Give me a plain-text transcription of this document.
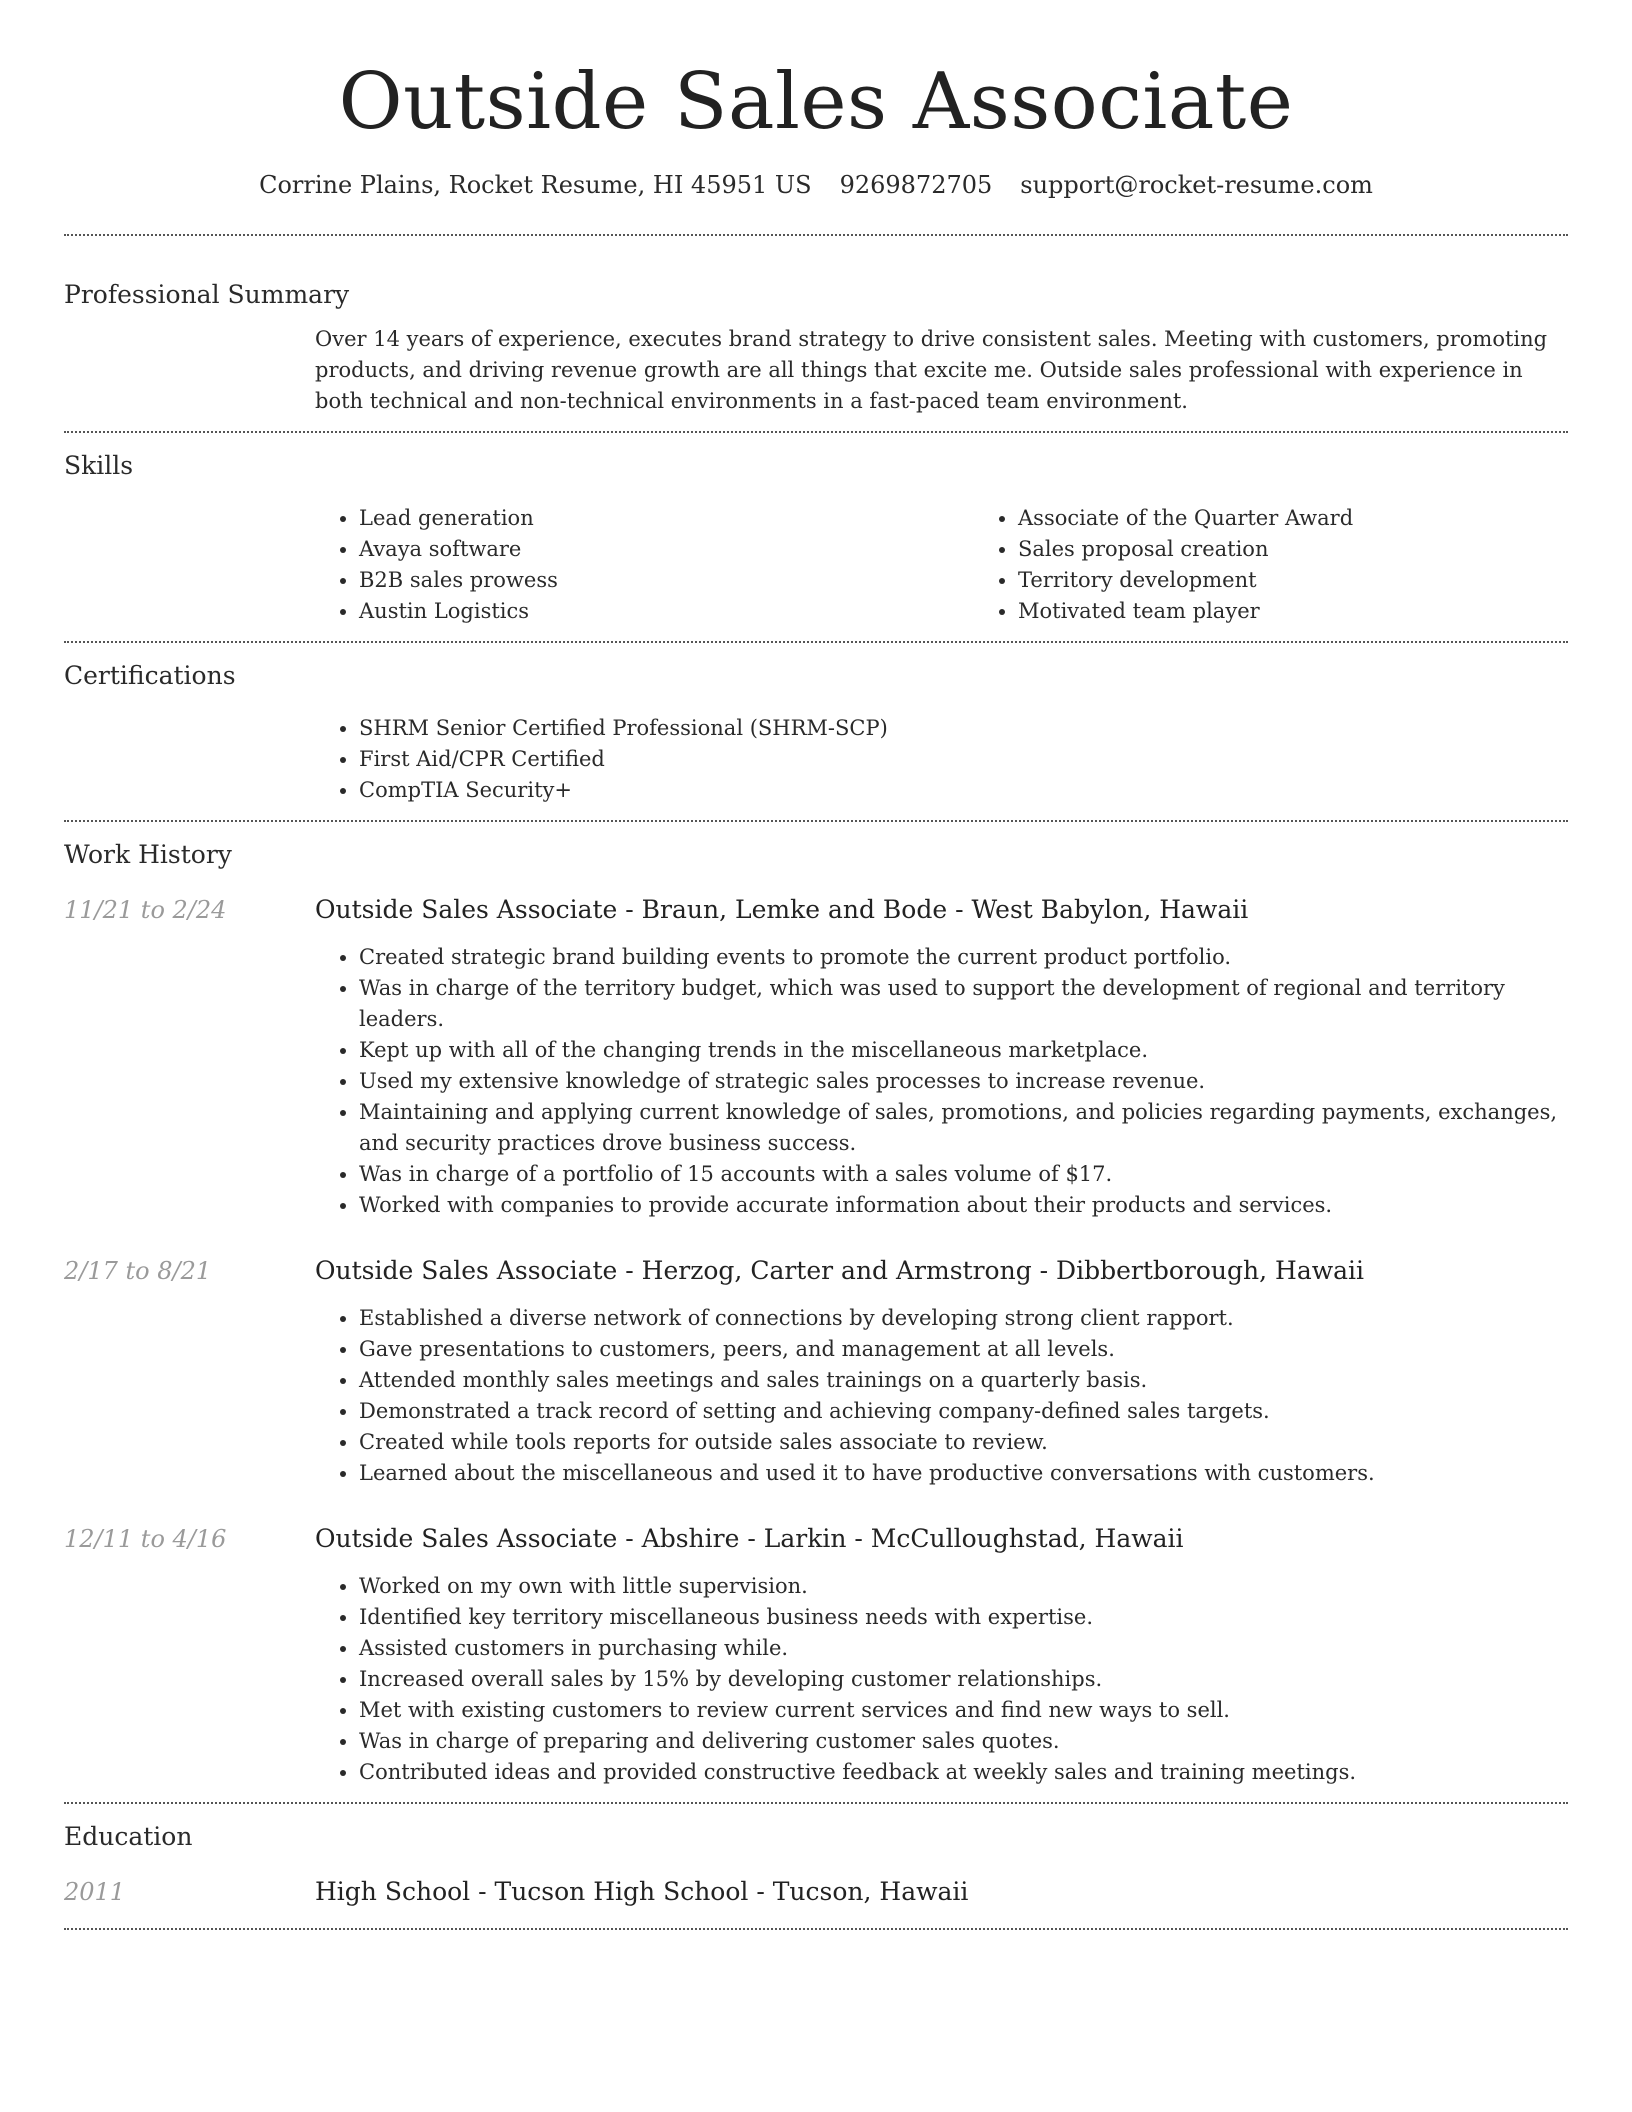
Outside Sales Associate
Corrine Plains, Rocket Resume, HI 45951 US 9269872705 support@rocket-resume.com
Professional Summary

Over 14 years of experience, executes brand strategy to drive consistent sales. Meeting with customers, promoting products, and driving revenue growth are all things that excite me. Outside sales professional with experience in both technical and non-technical environments in a fast-paced team environment.

Skills
• Lead generation
• Avaya software
• B2B sales prowess
• Austin Logistics
• Associate of the Quarter Award
• Sales proposal creation
• Territory development
• Motivated team player
Certifications
• SHRM Senior Certified Professional (SHRM-SCP)
• First Aid/CPR Certified
• CompTIA Security+
Work History
11/21 to 2/24	Outside Sales Associate - Braun, Lemke and Bode - West Babylon, Hawaii
• Created strategic brand building events to promote the current product portfolio.
• Was in charge of the territory budget, which was used to support the development of regional and territory leaders.
• Kept up with all of the changing trends in the miscellaneous marketplace.
• Used my extensive knowledge of strategic sales processes to increase revenue.
• Maintaining and applying current knowledge of sales, promotions, and policies regarding payments, exchanges, and security practices drove business success.
• Was in charge of a portfolio of 15 accounts with a sales volume of $17.
• Worked with companies to provide accurate information about their products and services.
2/17 to 8/21	Outside Sales Associate - Herzog, Carter and Armstrong - Dibbertborough, Hawaii
• Established a diverse network of connections by developing strong client rapport.
• Gave presentations to customers, peers, and management at all levels.
• Attended monthly sales meetings and sales trainings on a quarterly basis.
• Demonstrated a track record of setting and achieving company-defined sales targets.
• Created while tools reports for outside sales associate to review.
• Learned about the miscellaneous and used it to have productive conversations with customers.
12/11 to 4/16	Outside Sales Associate - Abshire - Larkin - McCulloughstad, Hawaii
• Worked on my own with little supervision.
• Identified key territory miscellaneous business needs with expertise.
• Assisted customers in purchasing while.
• Increased overall sales by 15% by developing customer relationships.
• Met with existing customers to review current services and find new ways to sell.
• Was in charge of preparing and delivering customer sales quotes.
• Contributed ideas and provided constructive feedback at weekly sales and training meetings.
Education
2011	High School - Tucson High School - Tucson, Hawaii
